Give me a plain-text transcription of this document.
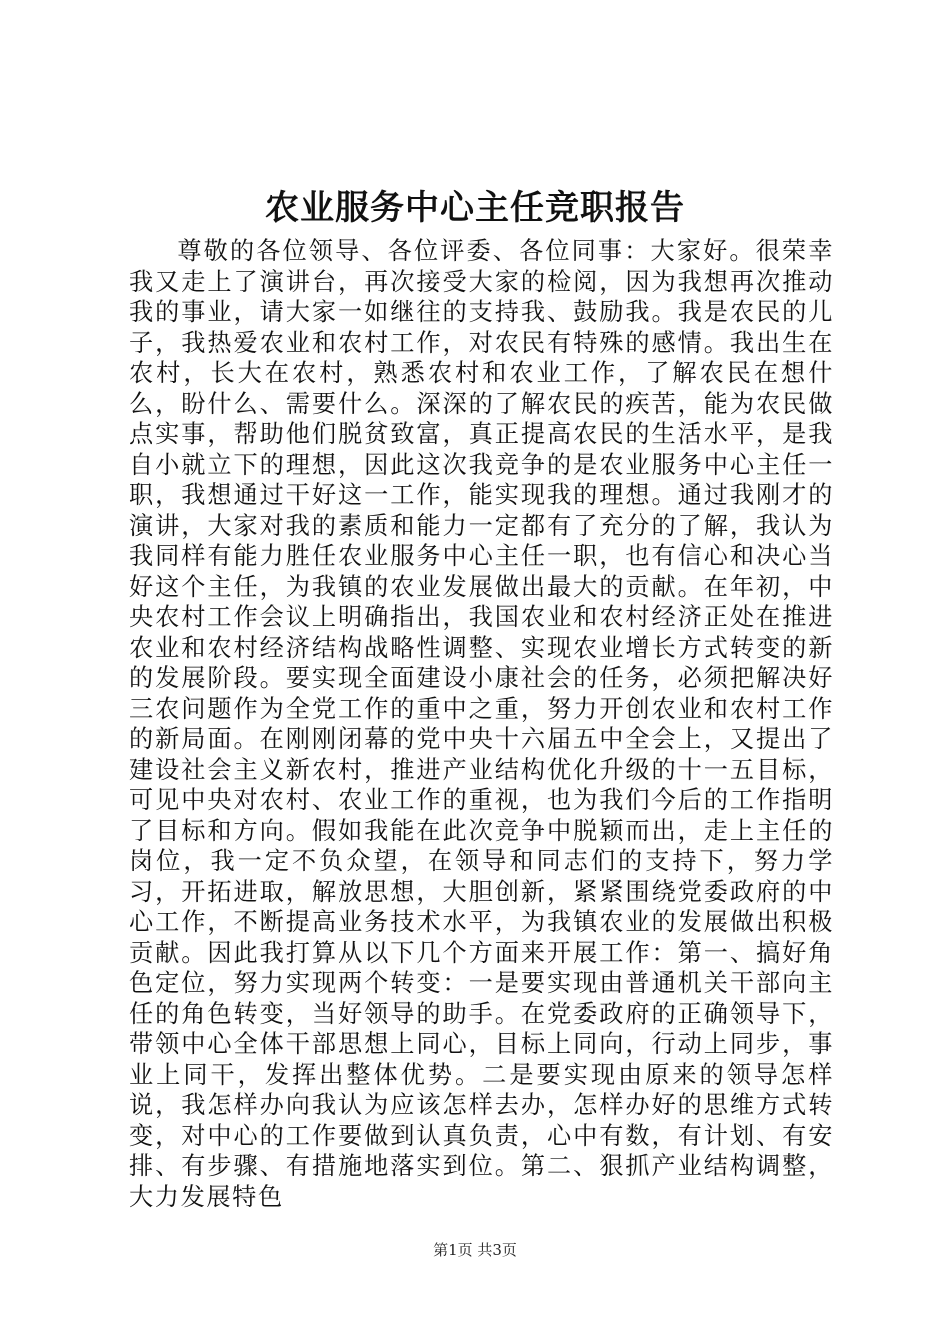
农业服务中心主任竞职报告

尊敬的各位领导、各位评委、各位同事：大家好。很荣幸我又走上了演讲台，再次接受大家的检阅，因为我想再次推动我的事业，请大家一如继往的支持我、鼓励我。我是农民的儿子，我热爱农业和农村工作，对农民有特殊的感情。我出生在农村，长大在农村，熟悉农村和农业工作，了解农民在想什么，盼什么、需要什么。深深的了解农民的疾苦，能为农民做点实事，帮助他们脱贫致富，真正提高农民的生活水平，是我自小就立下的理想，因此这次我竞争的是农业服务中心主任一职，我想通过干好这一工作，能实现我的理想。通过我刚才的演讲，大家对我的素质和能力一定都有了充分的了解，我认为我同样有能力胜任农业服务中心主任一职，也有信心和决心当好这个主任，为我镇的农业发展做出最大的贡献。在年初，中央农村工作会议上明确指出，我国农业和农村经济正处在推进农业和农村经济结构战略性调整、实现农业增长方式转变的新的发展阶段。要实现全面建设小康社会的任务，必须把解决好三农问题作为全党工作的重中之重，努力开创农业和农村工作的新局面。在刚刚闭幕的党中央十六届五中全会上，又提出了建设社会主义新农村，推进产业结构优化升级的十一五目标，可见中央对农村、农业工作的重视，也为我们今后的工作指明了目标和方向。假如我能在此次竞争中脱颖而出，走上主任的岗位，我一定不负众望，在领导和同志们的支持下，努力学习，开拓进取，解放思想，大胆创新，紧紧围绕党委政府的中心工作，不断提高业务技术水平，为我镇农业的发展做出积极贡献。因此我打算从以下几个方面来开展工作：第一、搞好角色定位，努力实现两个转变：一是要实现由普通机关干部向主任的角色转变，当好领导的助手。在党委政府的正确领导下，带领中心全体干部思想上同心，目标上同向，行动上同步，事业上同干，发挥出整体优势。二是要实现由原来的领导怎样说，我怎样办向我认为应该怎样去办，怎样办好的思维方式转变，对中心的工作要做到认真负责，心中有数，有计划、有安排、有步骤、有措施地落实到位。第二、狠抓产业结构调整，大力发展特色

第1页 共3页
